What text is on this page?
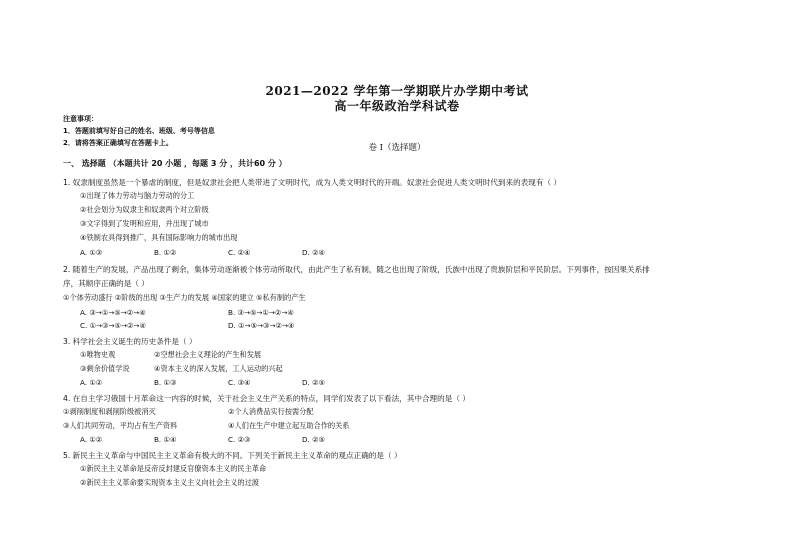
2021—2022 学年第一学期联片办学期中考试
高一年级政治学科试卷
注意事项：
1．答题前填写好自己的姓名、班级、考号等信息
2．请将答案正确填写在答题卡上。	卷 I（选择题）
一、 选择题 （本题共计 20 小题 ，每题 3 分 ，共计60 分 ）
1. 奴隶制度虽然是一个暴虐的制度，但是奴隶社会把人类带进了文明时代，成为人类文明时代的开端。奴隶社会促进人类文明时代到来的表现有（ ）
①出现了体力劳动与脑力劳动的分工
②社会划分为奴隶主和奴隶两个对立阶级
③文字得到了发明和应用，并出现了城市
④铁制农具得到推广，具有国际影响力的城市出现
A. ①③	B. ①②	C. ②④	D. ②④
2. 随着生产的发展，产品出现了剩余，集体劳动逐渐被个体劳动所取代，由此产生了私有制，随之也出现了阶级，氏族中出现了贵族阶层和平民阶层。下列事件，按因果关系排
序，其顺序正确的是（ ）
①个体劳动盛行 ②阶级的出现 ③生产力的发展 ④国家的建立 ⑤私有制的产生
A. ③→①→⑤→②→④	B. ③→⑤→①→②→④
C. ①→③→⑤→②→④	D. ①→⑤→③→②→④
3. 科学社会主义诞生的历史条件是（ ）
①唯物史观	②空想社会主义理论的产生和发展
③剩余价值学说	④资本主义的深入发展，工人运动的兴起
A. ①②	B. ①③	C. ③④	D. ②⑤
4. 在自主学习俄国十月革命这一内容的时候，关于社会主义生产关系的特点，同学们发表了以下看法，其中合理的是（ ）
①剥削制度和剥削阶级被消灭	②个人消费品实行按需分配
③人们共同劳动，平均占有生产资料	④人们在生产中建立起互助合作的关系
A. ①②	B. ①④	C. ②③	D. ②⑤
5. 新民主主义革命与中国民主主义革命有极大的不同。下列关于新民主主义革命的观点正确的是（ ）
①新民主主义革命是反帝反封建反官僚资本主义的民主革命
②新民主主义革命要实现资本主义主义向社会主义的过渡
